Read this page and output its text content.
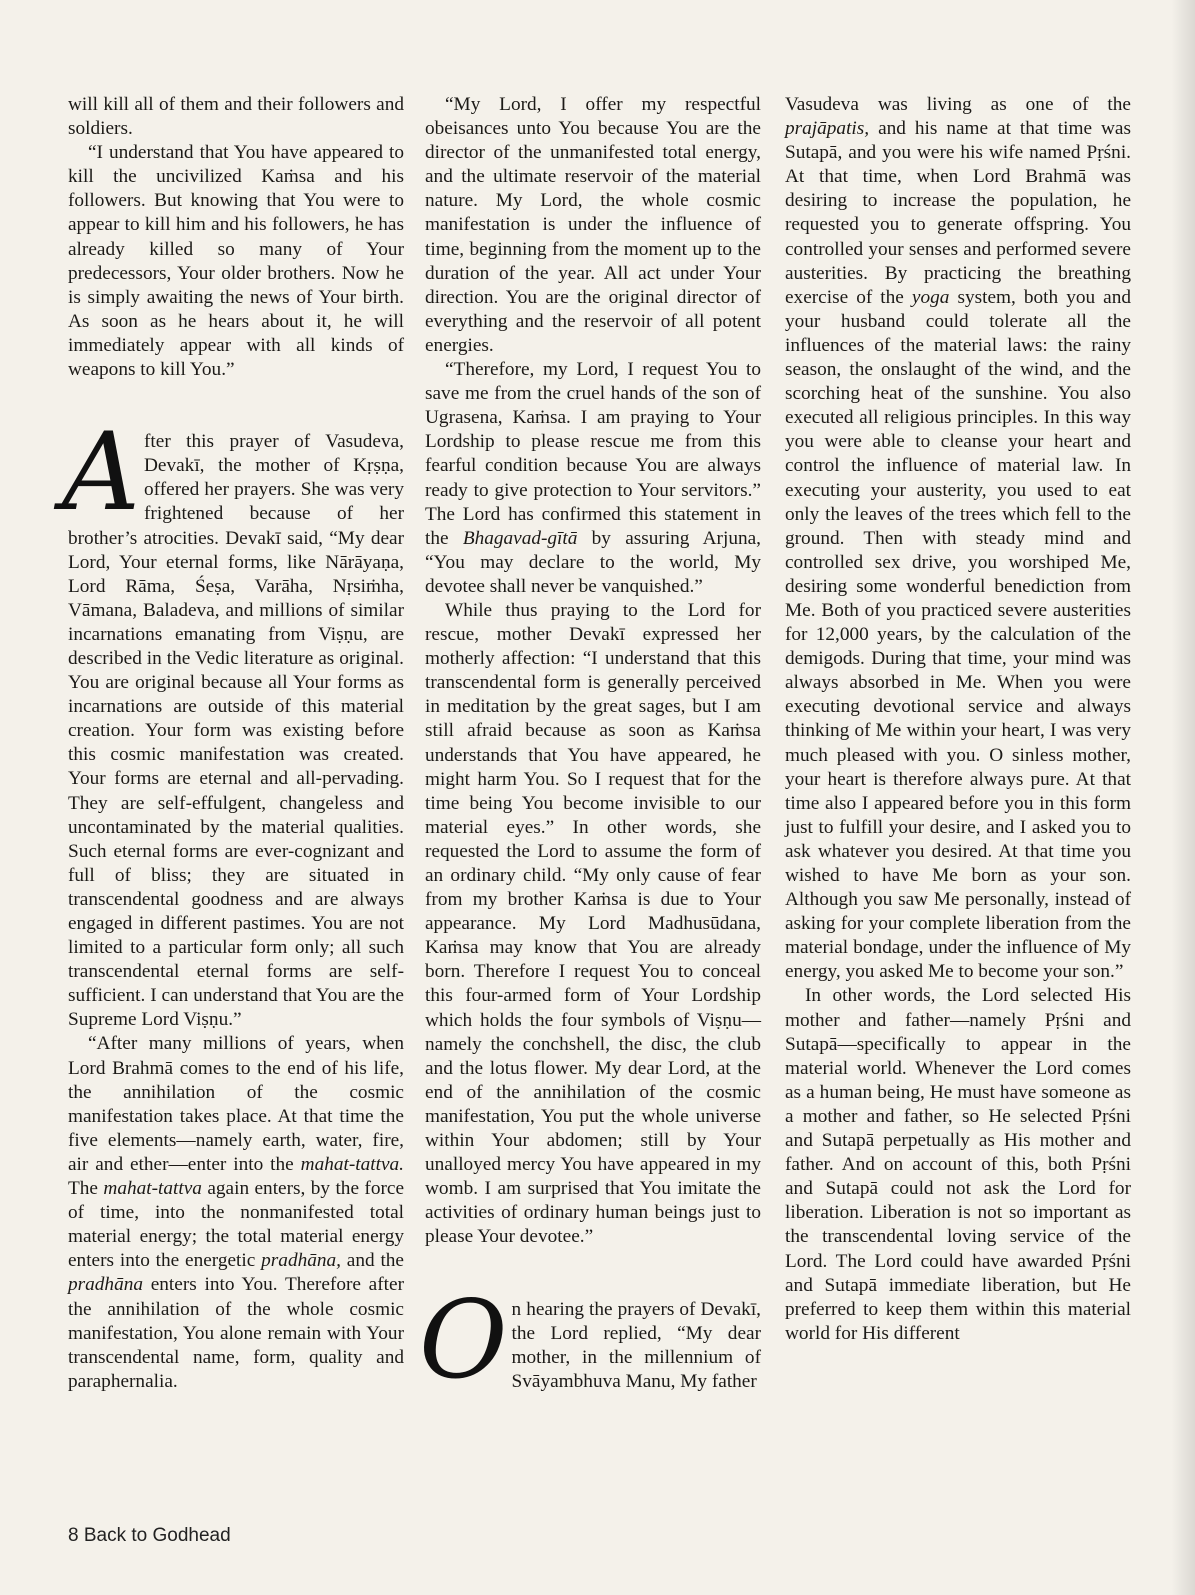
will kill all of them and their followers and soldiers.

“I understand that You have appeared to kill the uncivilized Kaṁsa and his followers. But knowing that You were to appear to kill him and his followers, he has already killed so many of Your predecessors, Your older brothers. Now he is simply awaiting the news of Your birth. As soon as he hears about it, he will immediately appear with all kinds of weapons to kill You.”

After this prayer of Vasudeva, Devakī, the mother of Kṛṣṇa, offered her prayers. She was very frightened because of her brother’s atrocities. Devakī said, “My dear Lord, Your eternal forms, like Nārāyaṇa, Lord Rāma, Śeṣa, Varāha, Nṛsiṁha, Vāmana, Baladeva, and millions of similar incarnations emanating from Viṣṇu, are described in the Vedic literature as original. You are original because all Your forms as incarnations are outside of this material creation. Your form was existing before this cosmic manifestation was created. Your forms are eternal and all-pervading. They are self-effulgent, changeless and uncontaminated by the material qualities. Such eternal forms are ever-cognizant and full of bliss; they are situated in transcendental goodness and are always engaged in different pastimes. You are not limited to a particular form only; all such transcendental eternal forms are self-sufficient. I can understand that You are the Supreme Lord Viṣṇu.”

“After many millions of years, when Lord Brahmā comes to the end of his life, the annihilation of the cosmic manifestation takes place. At that time the five elements—namely earth, water, fire, air and ether—enter into the mahat-tattva. The mahat-tattva again enters, by the force of time, into the nonmanifested total material energy; the total material energy enters into the energetic pradhāna, and the pradhāna enters into You. Therefore after the annihilation of the whole cosmic manifestation, You alone remain with Your transcendental name, form, quality and paraphernalia.

“My Lord, I offer my respectful obeisances unto You because You are the director of the unmanifested total energy, and the ultimate reservoir of the material nature. My Lord, the whole cosmic manifestation is under the influence of time, beginning from the moment up to the duration of the year. All act under Your direction. You are the original director of everything and the reservoir of all potent energies.

“Therefore, my Lord, I request You to save me from the cruel hands of the son of Ugrasena, Kaṁsa. I am praying to Your Lordship to please rescue me from this fearful condition because You are always ready to give protection to Your servitors.” The Lord has confirmed this statement in the Bhagavad-gītā by assuring Arjuna, “You may declare to the world, My devotee shall never be vanquished.”

While thus praying to the Lord for rescue, mother Devakī expressed her motherly affection: “I understand that this transcendental form is generally perceived in meditation by the great sages, but I am still afraid because as soon as Kaṁsa understands that You have appeared, he might harm You. So I request that for the time being You become invisible to our material eyes.” In other words, she requested the Lord to assume the form of an ordinary child. “My only cause of fear from my brother Kaṁsa is due to Your appearance. My Lord Madhusūdana, Kaṁsa may know that You are already born. Therefore I request You to conceal this four-armed form of Your Lordship which holds the four symbols of Viṣṇu—namely the conchshell, the disc, the club and the lotus flower. My dear Lord, at the end of the annihilation of the cosmic manifestation, You put the whole universe within Your abdomen; still by Your unalloyed mercy You have appeared in my womb. I am surprised that You imitate the activities of ordinary human beings just to please Your devotee.”

On hearing the prayers of Devakī, the Lord replied, “My dear mother, in the millennium of Svāyambhuva Manu, My father

Vasudeva was living as one of the prajāpatis, and his name at that time was Sutapā, and you were his wife named Pṛśni. At that time, when Lord Brahmā was desiring to increase the population, he requested you to generate offspring. You controlled your senses and performed severe austerities. By practicing the breathing exercise of the yoga system, both you and your husband could tolerate all the influences of the material laws: the rainy season, the onslaught of the wind, and the scorching heat of the sunshine. You also executed all religious principles. In this way you were able to cleanse your heart and control the influence of material law. In executing your austerity, you used to eat only the leaves of the trees which fell to the ground. Then with steady mind and controlled sex drive, you worshiped Me, desiring some wonderful benediction from Me. Both of you practiced severe austerities for 12,000 years, by the calculation of the demigods. During that time, your mind was always absorbed in Me. When you were executing devotional service and always thinking of Me within your heart, I was very much pleased with you. O sinless mother, your heart is therefore always pure. At that time also I appeared before you in this form just to fulfill your desire, and I asked you to ask whatever you desired. At that time you wished to have Me born as your son. Although you saw Me personally, instead of asking for your complete liberation from the material bondage, under the influence of My energy, you asked Me to become your son.”

In other words, the Lord selected His mother and father—namely Pṛśni and Sutapā—specifically to appear in the material world. Whenever the Lord comes as a human being, He must have someone as a mother and father, so He selected Pṛśni and Sutapā perpetually as His mother and father. And on account of this, both Pṛśni and Sutapā could not ask the Lord for liberation. Liberation is not so important as the transcendental loving service of the Lord. The Lord could have awarded Pṛśni and Sutapā immediate liberation, but He preferred to keep them within this material world for His different

8 Back to Godhead
